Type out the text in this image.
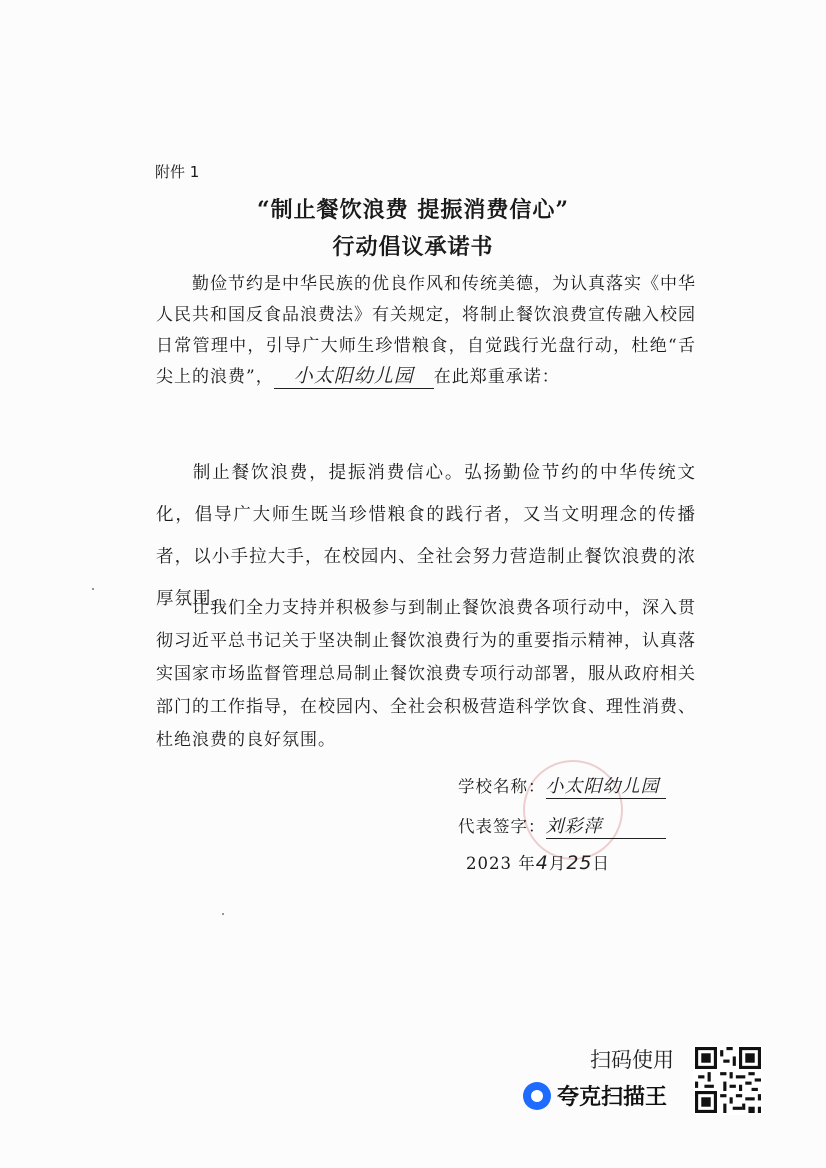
附件 1
“制止餐饮浪费 提振消费信心”
行动倡议承诺书
勤俭节约是中华民族的优良作风和传统美德，为认真落实《中华人民共和国反食品浪费法》有关规定，将制止餐饮浪费宣传融入校园日常管理中，引导广大师生珍惜粮食，自觉践行光盘行动，杜绝“舌尖上的浪费”， 小太阳幼儿园 在此郑重承诺：
制止餐饮浪费，提振消费信心。弘扬勤俭节约的中华传统文化，倡导广大师生既当珍惜粮食的践行者，又当文明理念的传播者，以小手拉大手，在校园内、全社会努力营造制止餐饮浪费的浓厚氛围。
让我们全力支持并积极参与到制止餐饮浪费各项行动中，深入贯彻习近平总书记关于坚决制止餐饮浪费行为的重要指示精神，认真落实国家市场监督管理总局制止餐饮浪费专项行动部署，服从政府相关部门的工作指导，在校园内、全社会积极营造科学饮食、理性消费、杜绝浪费的良好氛围。
学校名称：小太阳幼儿园
代表签字：刘彩萍
2023 年4月25日
扫码使用
夸克扫描王
